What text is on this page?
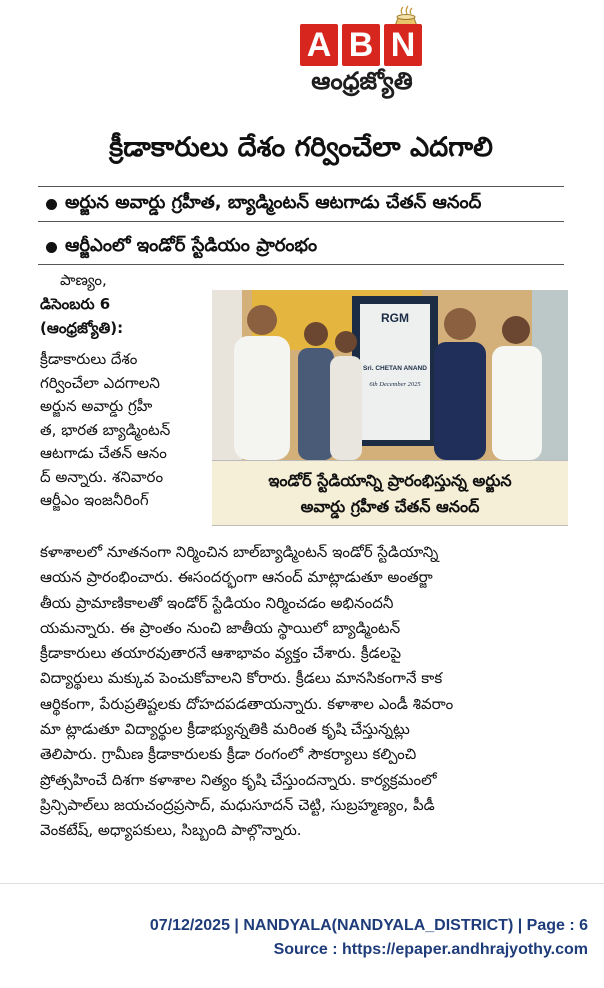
A B N
ఆంధ్రజ్యోతి
క్రీడాకారులు దేశం గర్వించేలా ఎదగాలి
అర్జున అవార్డు గ్రహీత, బ్యాడ్మింటన్ ఆటగాడు చేతన్ ఆనంద్
ఆర్జీఎంలో ఇండోర్ స్టేడియం ప్రారంభం
పాణ్యం,
డిసెంబరు 6
(ఆంధ్రజ్యోతి):
క్రీడాకారులు దేశం
గర్వించేలా ఎదగాలని
అర్జున అవార్డు గ్రహీ
త, భారత బ్యాడ్మింటన్
ఆటగాడు చేతన్ ఆనం
ద్ అన్నారు. శనివారం
ఆర్జీఎం ఇంజనీరింగ్
RGM
Sri. CHETAN ANAND
6th December 2025
ఇండోర్ స్టేడియాన్ని ప్రారంభిస్తున్న అర్జున
అవార్డు గ్రహీత చేతన్ ఆనంద్
కళాశాలలో నూతనంగా నిర్మించిన బాల్‌బ్యాడ్మింటన్ ఇండోర్ స్టేడియాన్ని
ఆయన ప్రారంభించారు. ఈసందర్భంగా ఆనంద్ మాట్లాడుతూ అంతర్జా
తీయ ప్రామాణికాలతో ఇండోర్ స్టేడియం నిర్మించడం అభినందనీ
యమన్నారు. ఈ ప్రాంతం నుంచి జాతీయ స్థాయిలో బ్యాడ్మింటన్
క్రీడాకారులు తయారవుతారనే ఆశాభావం వ్యక్తం చేశారు. క్రీడలపై
విద్యార్థులు మక్కువ పెంచుకోవాలని కోరారు. క్రీడలు మానసికంగానే కాక
ఆర్థికంగా, పేరుప్రతిష్టలకు దోహదపడతాయన్నారు. కళాశాల ఎండీ శివరాం
మా ట్లాడుతూ విద్యార్థుల క్రీడాభ్యున్నతికి మరింత కృషి చేస్తున్నట్లు
తెలిపారు. గ్రామీణ క్రీడాకారులకు క్రీడా రంగంలో సౌకర్యాలు కల్పించి
ప్రోత్సహించే దిశగా కళాశాల నిత్యం కృషి చేస్తుందన్నారు. కార్యక్రమంలో
ప్రిన్సిపాల్‌లు జయచంద్రప్రసాద్, మధుసూదన్ చెట్టి, సుబ్రహ్మణ్యం, పీడీ
వెంకటేష్, అధ్యాపకులు, సిబ్బంది పాల్గొన్నారు.
07/12/2025 | NANDYALA(NANDYALA_DISTRICT) | Page : 6
Source : https://epaper.andhrajyothy.com
